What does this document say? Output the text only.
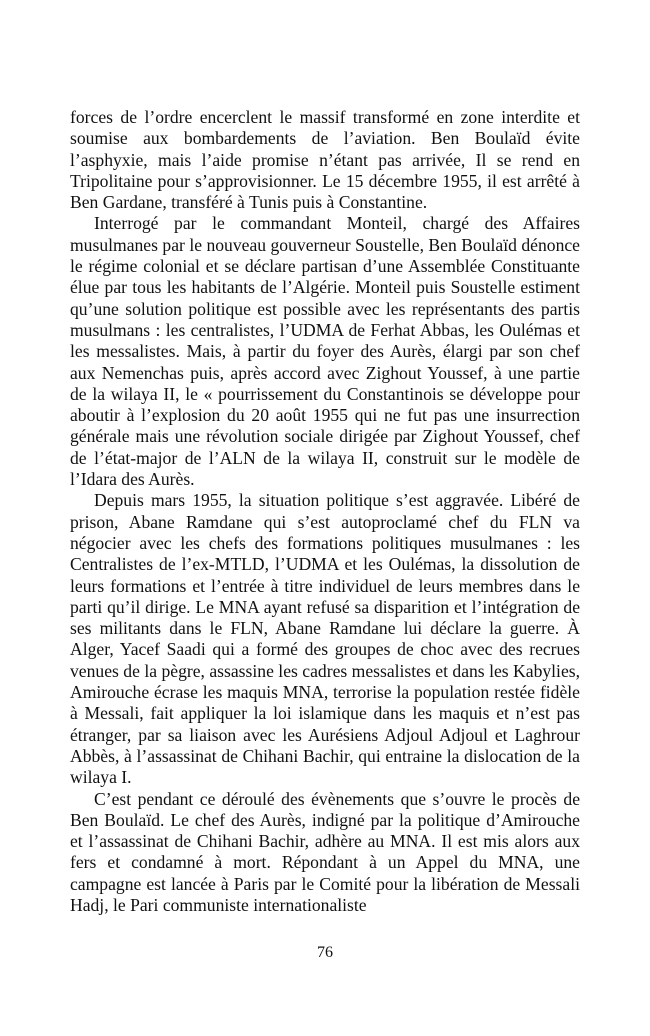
forces de l’ordre encerclent le massif transformé en zone interdite et soumise aux bombardements de l’aviation. Ben Boulaïd évite l’asphyxie, mais l’aide promise n’étant pas arrivée, Il se rend en Tripolitaine pour s’approvisionner. Le 15 décembre 1955, il est arrêté à Ben Gardane, transféré à Tunis puis à Constantine.

Interrogé par le commandant Monteil, chargé des Affaires musulmanes par le nouveau gouverneur Soustelle, Ben Boulaïd dénonce le régime colonial et se déclare partisan d’une Assemblée Constituante élue par tous les habitants de l’Algérie. Monteil puis Soustelle estiment qu’une solution politique est possible avec les représentants des partis musulmans : les centralistes, l’UDMA de Ferhat Abbas, les Oulémas et les messalistes. Mais, à partir du foyer des Aurès, élargi par son chef aux Nemenchas puis, après accord avec Zighout Youssef, à une partie de la wilaya II, le « pourrissement du Constantinois se développe pour aboutir à l’explosion du 20 août 1955 qui ne fut pas une insurrection générale mais une révolution sociale dirigée par Zighout Youssef, chef de l’état-major de l’ALN de la wilaya II, construit sur le modèle de l’Idara des Aurès.

Depuis mars 1955, la situation politique s’est aggravée. Libéré de prison, Abane Ramdane qui s’est autoproclamé chef du FLN va négocier avec les chefs des formations politiques musulmanes : les Centralistes de l’ex-MTLD, l’UDMA et les Oulémas, la dissolution de leurs formations et l’entrée à titre individuel de leurs membres dans le parti qu’il dirige. Le MNA ayant refusé sa disparition et l’intégration de ses militants dans le FLN, Abane Ramdane lui déclare la guerre. À Alger, Yacef Saadi qui a formé des groupes de choc avec des recrues venues de la pègre, assassine les cadres messalistes et dans les Kabylies, Amirouche écrase les maquis MNA, terrorise la population restée fidèle à Messali, fait appliquer la loi islamique dans les maquis et n’est pas étranger, par sa liaison avec les Aurésiens Adjoul Adjoul et Laghrour Abbès, à l’assassinat de Chihani Bachir, qui entraine la dislocation de la wilaya I.

C’est pendant ce déroulé des évènements que s’ouvre le procès de Ben Boulaïd. Le chef des Aurès, indigné par la politique d’Amirouche et l’assassinat de Chihani Bachir, adhère au MNA. Il est mis alors aux fers et condamné à mort. Répondant à un Appel du MNA, une campagne est lancée à Paris par le Comité pour la libération de Messali Hadj, le Pari communiste internationaliste

76
